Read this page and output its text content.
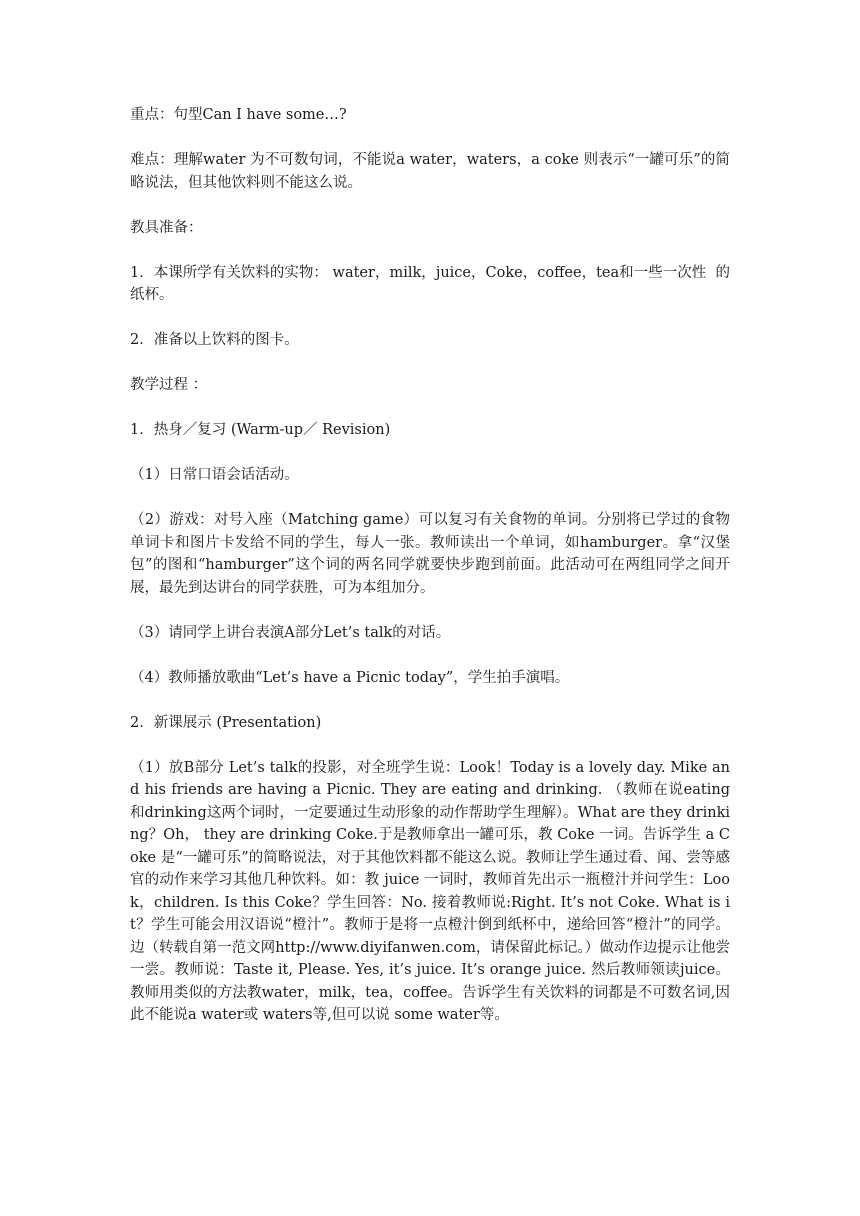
重点：句型Can I have some…?

难点：理解water 为不可数句词，不能说a water，waters，a coke 则表示“一罐可乐”的简略说法，但其他饮料则不能这么说。

教具准备：

1．本课所学有关饮料的实物： water，milk，juice，Coke，coffee，tea和一些一次性  的纸杯。

2．准备以上饮料的图卡。

教学过程 ：

1．热身／复习 (Warm-up／ Revision)

（1）日常口语会话活动。

（2）游戏：对号入座（Matching game）可以复习有关食物的单词。分别将已学过的食物单词卡和图片卡发给不同的学生，每人一张。教师读出一个单词，如hamburger。拿“汉堡包”的图和“hamburger”这个词的两名同学就要快步跑到前面。此活动可在两组同学之间开展，最先到达讲台的同学获胜，可为本组加分。

（3）请同学上讲台表演A部分Let’s talk的对话。

（4）教师播放歌曲“Let’s have a Picnic today”，学生拍手演唱。

2．新课展示 (Presentation)

（1）放B部分 Let’s talk的投影，对全班学生说：Look！Today is a lovely day. Mike and his friends are having a Picnic. They are eating and drinking. （教师在说eating和drinking这两个词时，一定要通过生动形象的动作帮助学生理解）。What are they drinking？Oh， they are drinking Coke.于是教师拿出一罐可乐，教 Coke 一词。告诉学生 a Coke 是“一罐可乐”的简略说法，对于其他饮料都不能这么说。教师让学生通过看、闻、尝等感官的动作来学习其他几种饮料。如：教 juice 一词时，教师首先出示一瓶橙汁并问学生：Look，children. Is this Coke？学生回答：No. 接着教师说:Right. It’s not Coke. What is it？学生可能会用汉语说“橙汁”。教师于是将一点橙汁倒到纸杯中，递给回答“橙汁”的同学。边（转载自第一范文网http://www.diyifanwen.com，请保留此标记。）做动作边提示让他尝一尝。教师说：Taste it, Please. Yes, it’s juice. It’s orange juice. 然后教师领读juice。教师用类似的方法教water，milk，tea，coffee。告诉学生有关饮料的词都是不可数名词,因此不能说a water或 waters等,但可以说 some water等。
